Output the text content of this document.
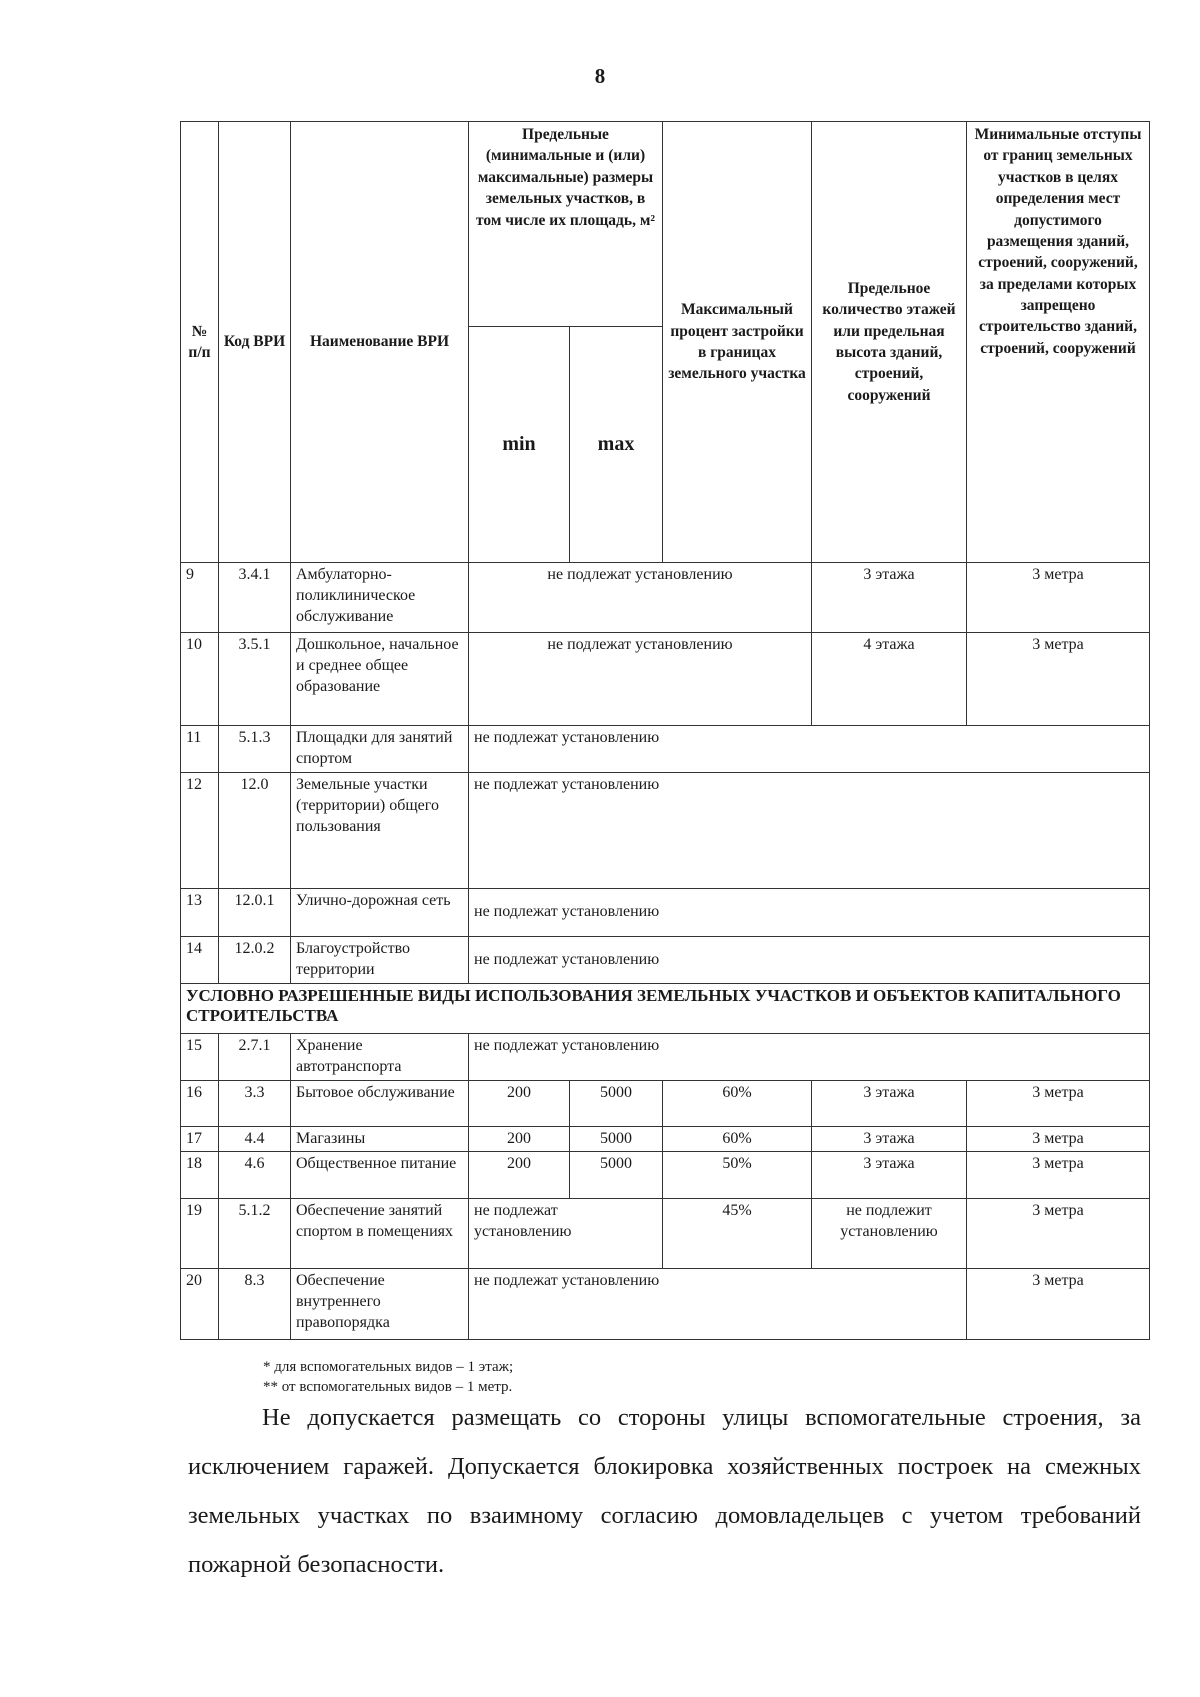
8
№ п/п	Код ВРИ	Наименование ВРИ	Предельные (минимальные и (или) максимальные) размеры земельных участков, в том числе их площадь, м²		Максимальный процент застройки в границах земельного участка	Предельное количество этажей или предельная высота зданий, строений, сооружений	Минимальные отступы от границ земельных участков в целях определения мест допустимого размещения зданий, строений, сооружений, за пределами которых запрещено строительство зданий, строений, сооружений
			min	max			
9	3.4.1	Амбулаторно-поликлиническое обслуживание	не подлежат установлению			3 этажа	3 метра
10	3.5.1	Дошкольное, начальное и среднее общее образование	не подлежат установлению			4 этажа	3 метра
11	5.1.3	Площадки для занятий спортом	не подлежат установлению				
12	12.0	Земельные участки (территории) общего пользования	не подлежат установлению				
13	12.0.1	Улично-дорожная сеть	не подлежат установлению				
14	12.0.2	Благоустройство территории	не подлежат установлению				
УСЛОВНО РАЗРЕШЕННЫЕ ВИДЫ ИСПОЛЬЗОВАНИЯ ЗЕМЕЛЬНЫХ УЧАСТКОВ И ОБЪЕКТОВ КАПИТАЛЬНОГО СТРОИТЕЛЬСТВА							
15	2.7.1	Хранение автотранспорта	не подлежат установлению				
16	3.3	Бытовое обслуживание	200	5000	60%	3 этажа	3 метра
17	4.4	Магазины	200	5000	60%	3 этажа	3 метра
18	4.6	Общественное питание	200	5000	50%	3 этажа	3 метра
19	5.1.2	Обеспечение занятий спортом в помещениях	не подлежат установлению		45%	не подлежит установлению	3 метра
20	8.3	Обеспечение внутреннего правопорядка	не подлежат установлению				3 метра
* для вспомогательных видов – 1 этаж;
** от вспомогательных видов – 1 метр.

Не допускается размещать со стороны улицы вспомогательные строения, за исключением гаражей. Допускается блокировка хозяйственных построек на смежных земельных участках по взаимному согласию домовладельцев с учетом требований пожарной безопасности.
